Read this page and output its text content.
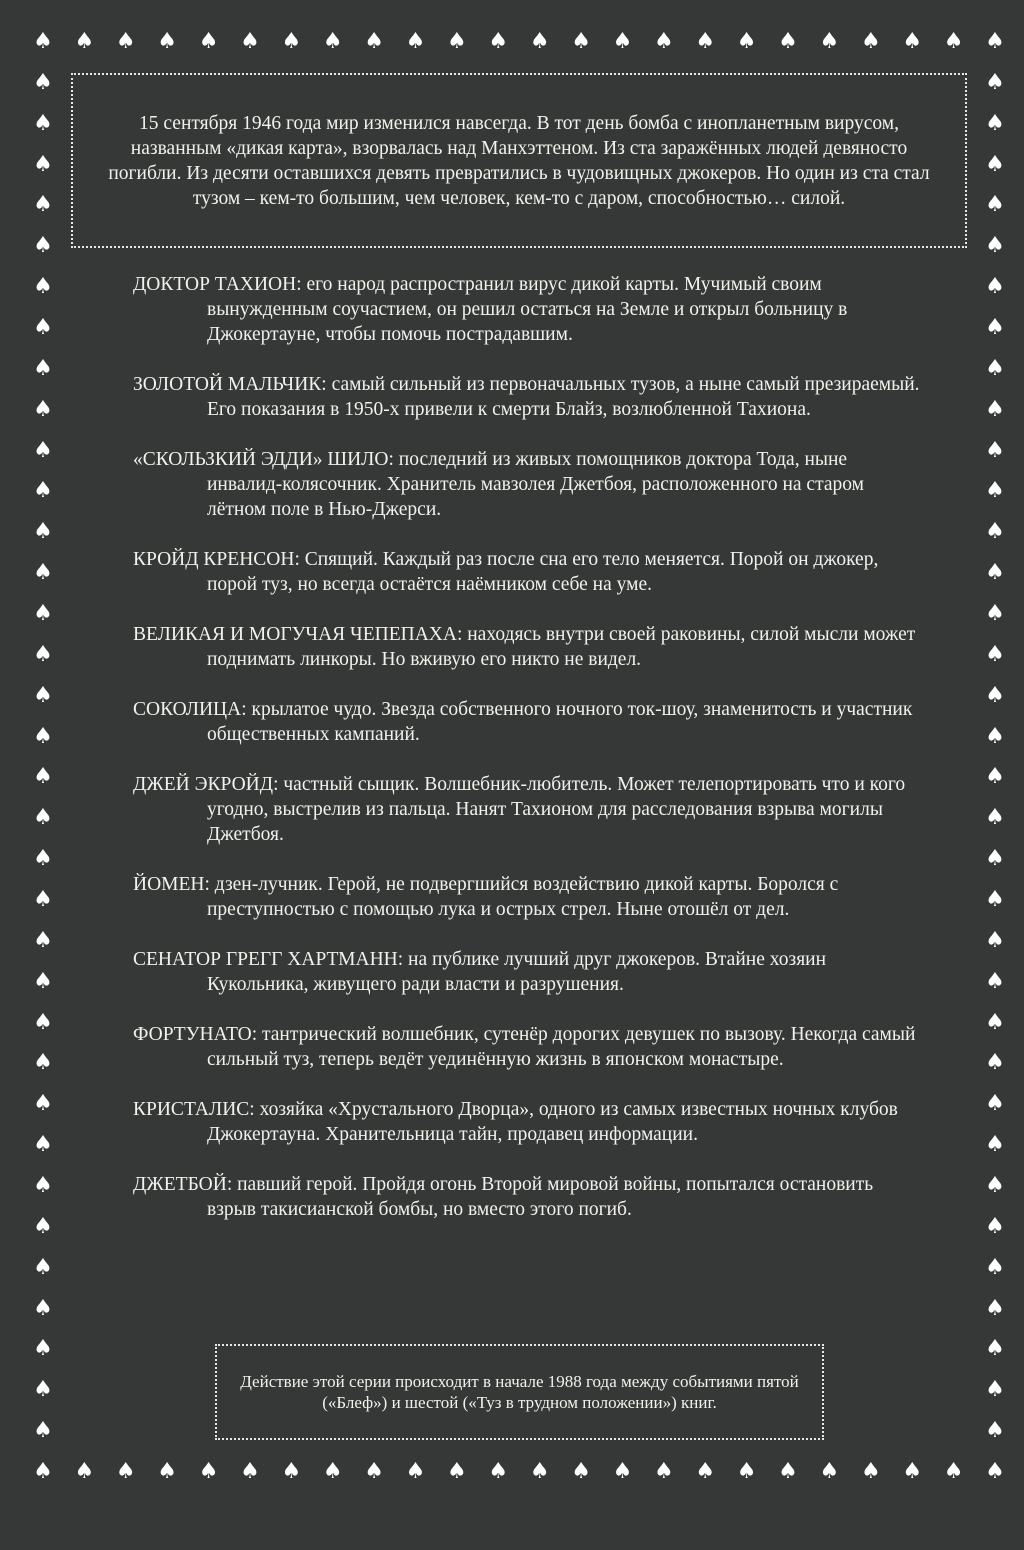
♠
♠
♠
♠
♠
♠
♠
♠
♠
♠
♠
♠
♠
♠
♠
♠
♠
♠
♠
♠
♠
♠
♠
♠
♠
♠
♠
♠
♠
♠
♠
♠
♠
♠
♠
♠
♠
♠
♠
♠
♠
♠
♠
♠
♠
♠
♠
♠
♠	♠
♠	♠
♠	♠
♠	♠
♠	♠
♠	♠
♠	♠
♠	♠
♠	♠
♠	♠
♠	♠
♠	♠
♠	♠
♠	♠
♠	♠
♠	♠
♠	♠
♠	♠
♠	♠
♠	♠
♠	♠
♠	♠
♠	♠
♠	♠
♠	♠
♠	♠
♠	♠
♠	♠
♠	♠
♠	♠
♠	♠
♠	♠
♠	♠
♠	♠

15 сентября 1946 года мир изменился навсегда. В тот день бомба с инопланетным вирусом, названным «дикая карта», взорвалась над Манхэттеном. Из ста заражённых людей девяносто погибли. Из десяти оставшихся девять превратились в чудовищных джокеров. Но один из ста стал тузом – кем-то большим, чем человек, кем-то с даром, способностью… силой.

ДОКТОР ТАХИОН: его народ распространил вирус дикой карты. Мучимый своим вынужденным соучастием, он решил остаться на Земле и открыл больницу в Джокертауне, чтобы помочь пострадавшим.

ЗОЛОТОЙ МАЛЬЧИК: самый сильный из первоначальных тузов, а ныне самый презираемый. Его показания в 1950-х привели к смерти Блайз, возлюбленной Тахиона.

«СКОЛЬЗКИЙ ЭДДИ» ШИЛО: последний из живых помощников доктора Тода, ныне инвалид-колясочник. Хранитель мавзолея Джетбоя, расположенного на старом лётном поле в Нью-Джерси.

КРОЙД КРЕНСОН: Спящий. Каждый раз после сна его тело меняется. Порой он джокер, порой туз, но всегда остаётся наёмником себе на уме.

ВЕЛИКАЯ И МОГУЧАЯ ЧЕПЕПАХА: находясь внутри своей раковины, силой мысли может поднимать линкоры. Но вживую его никто не видел.

СОКОЛИЦА: крылатое чудо. Звезда собственного ночного ток-шоу, знаменитость и участник общественных кампаний.

ДЖЕЙ ЭКРОЙД: частный сыщик. Волшебник-любитель. Может телепортировать что и кого угодно, выстрелив из пальца. Нанят Тахионом для расследования взрыва могилы Джетбоя.

ЙОМЕН: дзен-лучник. Герой, не подвергшийся воздействию дикой карты. Боролся с преступностью с помощью лука и острых стрел. Ныне отошёл от дел.

СЕНАТОР ГРЕГГ ХАРТМАНН: на публике лучший друг джокеров. Втайне хозяин Кукольника, живущего ради власти и разрушения.

ФОРТУНАТО: тантрический волшебник, сутенёр дорогих девушек по вызову. Некогда самый сильный туз, теперь ведёт уединённую жизнь в японском монастыре.

КРИСТАЛИС: хозяйка «Хрустального Дворца», одного из самых известных ночных клубов Джокертауна. Хранительница тайн, продавец информации.

ДЖЕТБОЙ: павший герой. Пройдя огонь Второй мировой войны, попытался остановить взрыв такисианской бомбы, но вместо этого погиб.

Действие этой серии происходит в начале 1988 года между событиями пятой («Блеф») и шестой («Туз в трудном положении») книг.
